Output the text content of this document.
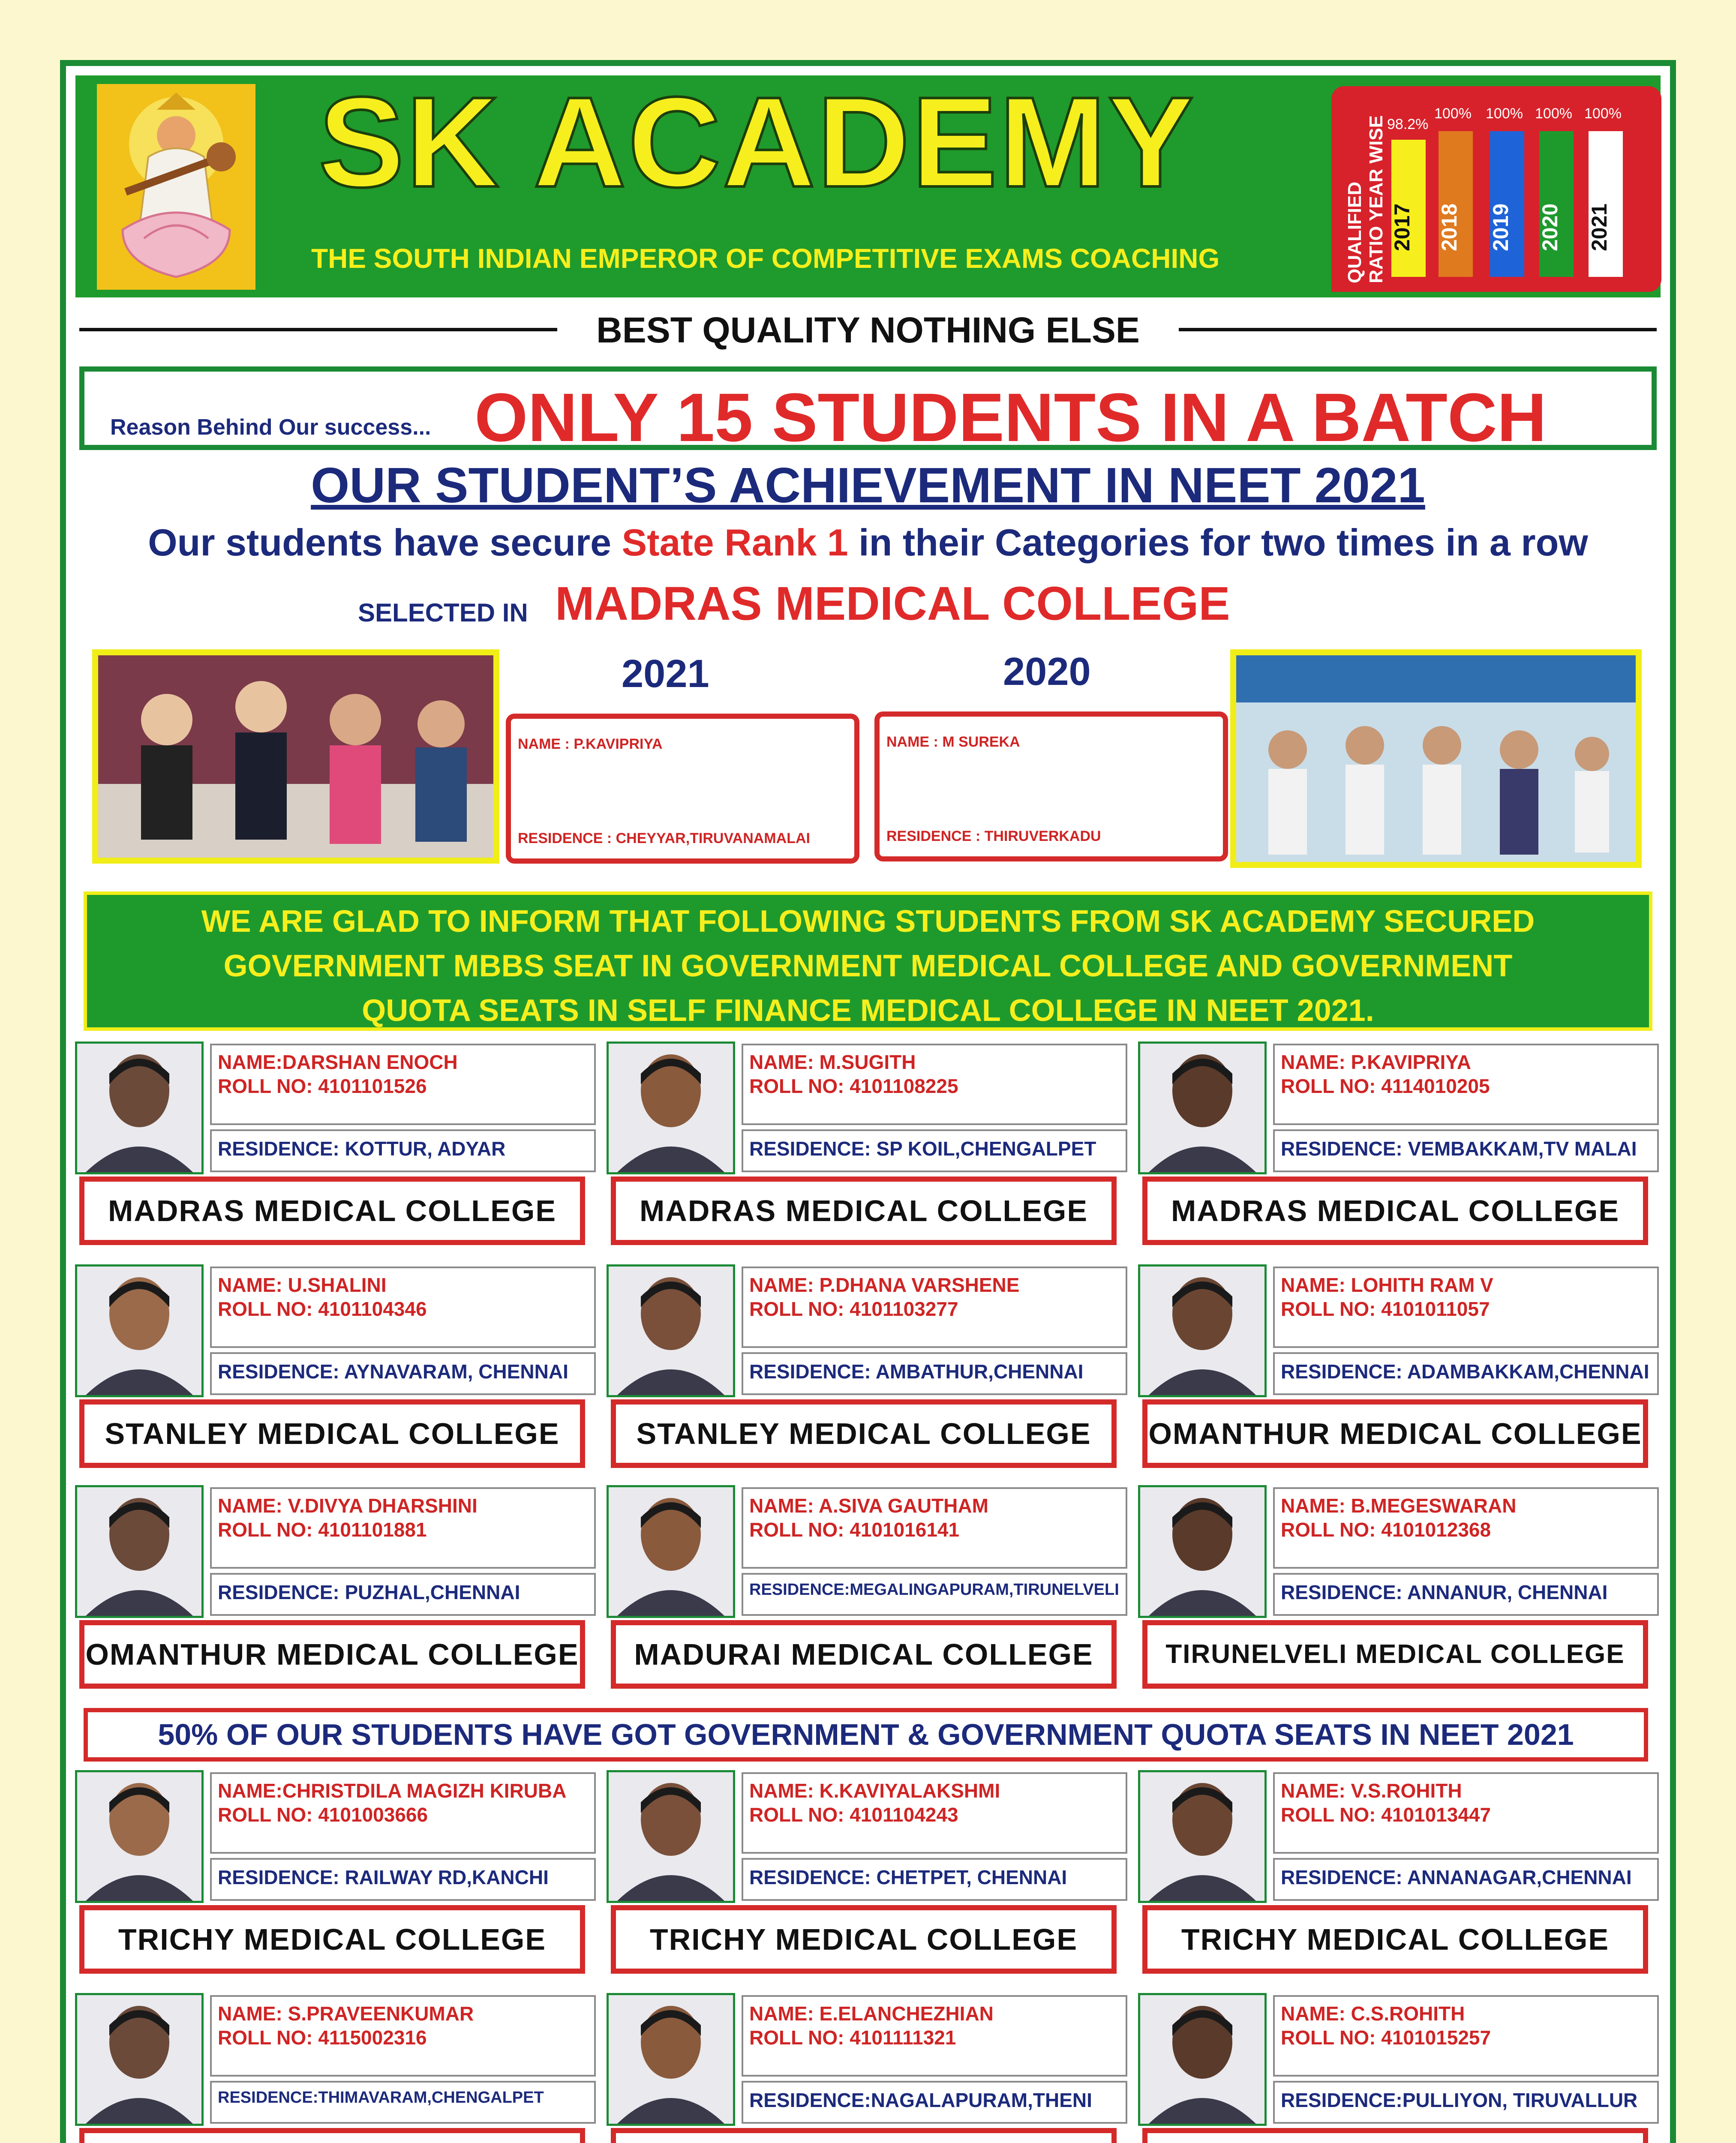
SK ACADEMY
THE SOUTH INDIAN EMPEROR OF COMPETITIVE EXAMS COACHING	QUALIFIED RATIO YEAR WISE 98.2%
2017
100%
2018
100%
2019
100%
2020
100%
2021
BEST QUALITY NOTHING ELSE
Reason Behind Our success... ONLY 15 STUDENTS IN A BATCH
OUR STUDENT’S ACHIEVEMENT IN NEET 2021
Our students have secure State Rank 1 in their Categories for two times in a row
SELECTED IN MADRAS MEDICAL COLLEGE
2021	2020
NAME : P.KAVIPRIYA
RESIDENCE : CHEYYAR,TIRUVANAMALAI
NAME : M SUREKA
RESIDENCE : THIRUVERKADU
WE ARE GLAD TO INFORM THAT FOLLOWING STUDENTS FROM SK ACADEMY SECURED
GOVERNMENT MBBS SEAT IN GOVERNMENT MEDICAL COLLEGE AND GOVERNMENT
QUOTA SEATS IN SELF FINANCE MEDICAL COLLEGE IN NEET 2021.
50% OF OUR STUDENTS HAVE GOT GOVERNMENT & GOVERNMENT QUOTA SEATS IN NEET 2021
NAME:DARSHAN ENOCH
ROLL NO: 4101101526
RESIDENCE: KOTTUR, ADYAR
MADRAS MEDICAL COLLEGE
NAME: M.SUGITH
ROLL NO: 4101108225
RESIDENCE: SP KOIL,CHENGALPET
MADRAS MEDICAL COLLEGE
NAME: P.KAVIPRIYA
ROLL NO: 4114010205
RESIDENCE: VEMBAKKAM,TV MALAI
MADRAS MEDICAL COLLEGE
NAME: U.SHALINI
ROLL NO: 4101104346
RESIDENCE: AYNAVARAM, CHENNAI
STANLEY MEDICAL COLLEGE
NAME: P.DHANA VARSHENE
ROLL NO: 4101103277
RESIDENCE: AMBATHUR,CHENNAI
STANLEY MEDICAL COLLEGE
NAME: LOHITH RAM V
ROLL NO: 4101011057
RESIDENCE: ADAMBAKKAM,CHENNAI
OMANTHUR MEDICAL COLLEGE
NAME: V.DIVYA DHARSHINI
ROLL NO: 4101101881
RESIDENCE: PUZHAL,CHENNAI
OMANTHUR MEDICAL COLLEGE
NAME: A.SIVA GAUTHAM
ROLL NO: 4101016141
RESIDENCE:MEGALINGAPURAM,TIRUNELVELI
MADURAI MEDICAL COLLEGE
NAME: B.MEGESWARAN
ROLL NO: 4101012368
RESIDENCE: ANNANUR, CHENNAI
TIRUNELVELI MEDICAL COLLEGE
NAME:CHRISTDILA MAGIZH KIRUBA
ROLL NO: 4101003666
RESIDENCE: RAILWAY RD,KANCHI
TRICHY MEDICAL COLLEGE
NAME: K.KAVIYALAKSHMI
ROLL NO: 4101104243
RESIDENCE: CHETPET, CHENNAI
TRICHY MEDICAL COLLEGE
NAME: V.S.ROHITH
ROLL NO: 4101013447
RESIDENCE: ANNANAGAR,CHENNAI
TRICHY MEDICAL COLLEGE
NAME: S.PRAVEENKUMAR
ROLL NO: 4115002316
RESIDENCE:THIMAVARAM,CHENGALPET
NAME: E.ELANCHEZHIAN
ROLL NO: 4101111321
RESIDENCE:NAGALAPURAM,THENI
NAME: C.S.ROHITH
ROLL NO: 4101015257
RESIDENCE:PULLIYON, TIRUVALLUR
